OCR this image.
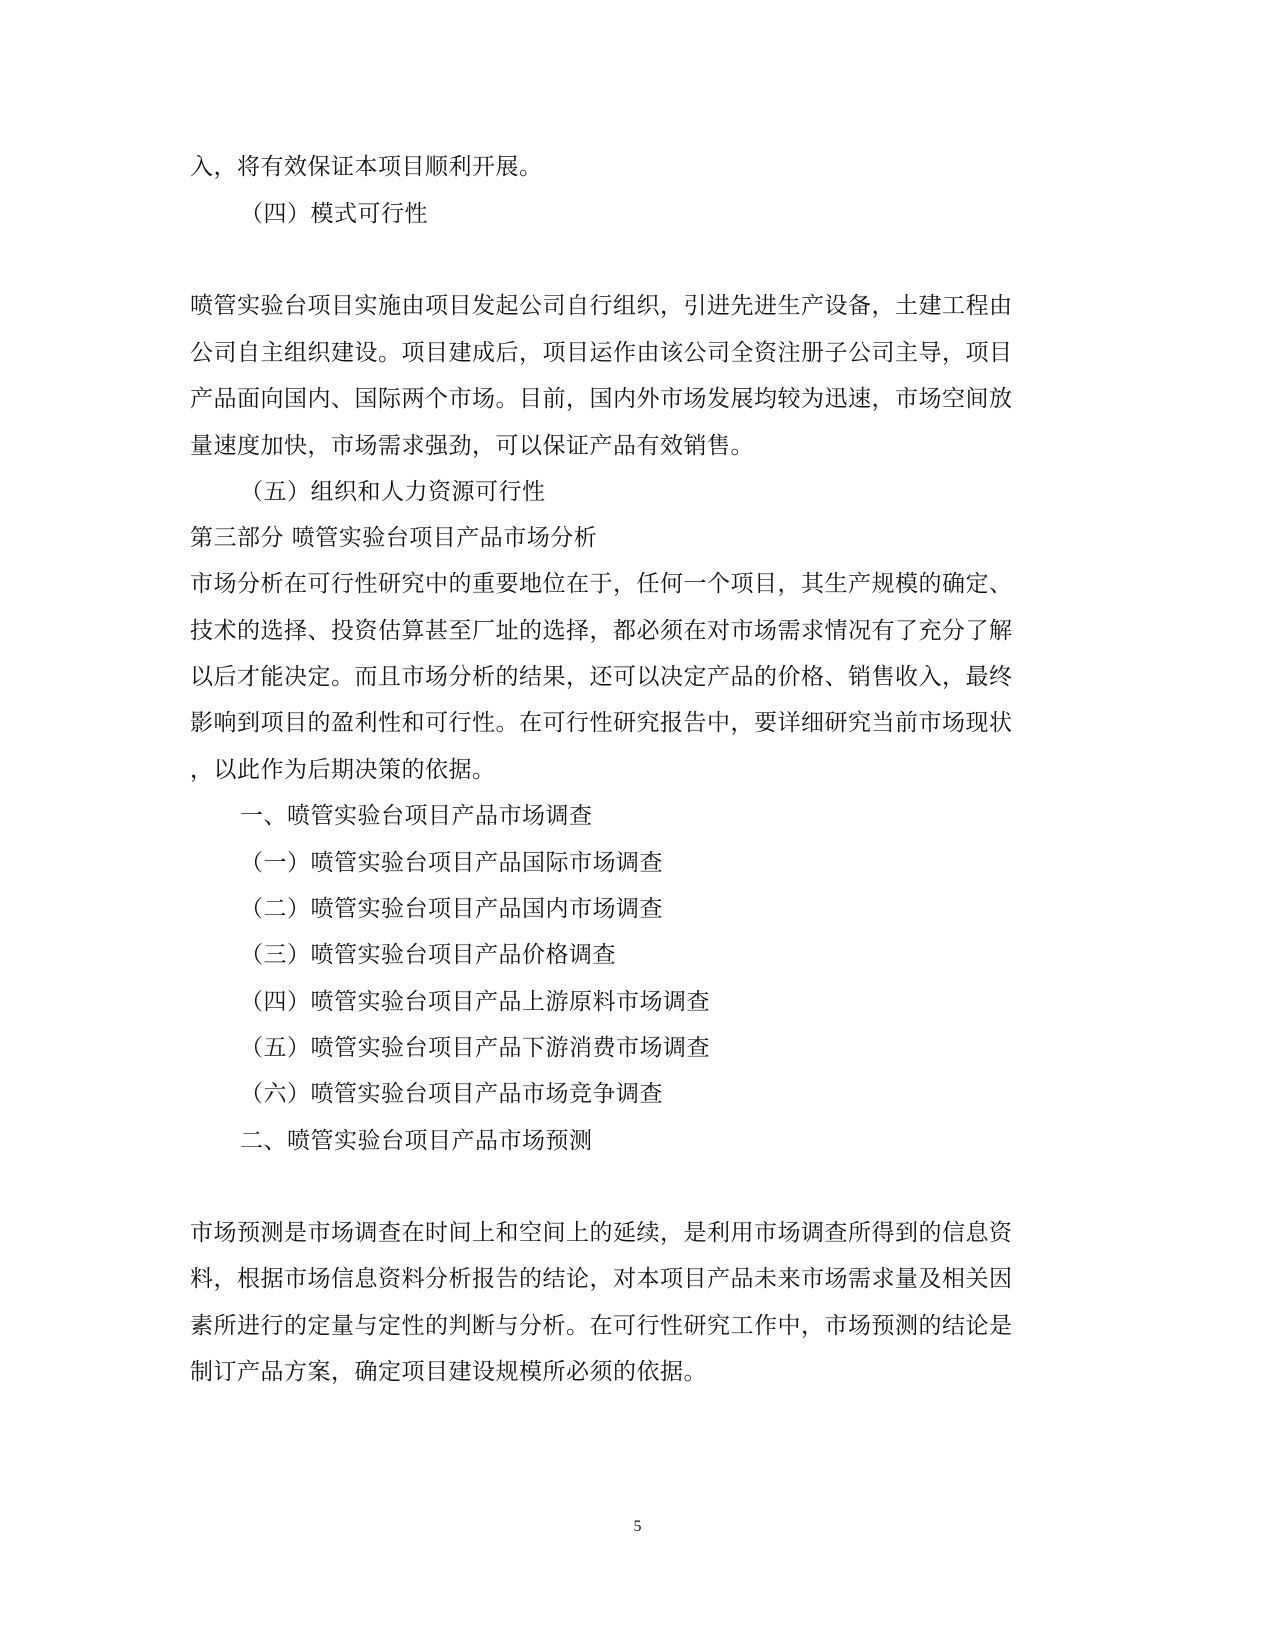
入，将有效保证本项目顺利开展。
（四）模式可行性
喷管实验台项目实施由项目发起公司自行组织，引进先进生产设备，土建工程由
公司自主组织建设。项目建成后，项目运作由该公司全资注册子公司主导，项目
产品面向国内、国际两个市场。目前，国内外市场发展均较为迅速，市场空间放
量速度加快，市场需求强劲，可以保证产品有效销售。
（五）组织和人力资源可行性
第三部分 喷管实验台项目产品市场分析
市场分析在可行性研究中的重要地位在于，任何一个项目，其生产规模的确定、
技术的选择、投资估算甚至厂址的选择，都必须在对市场需求情况有了充分了解
以后才能决定。而且市场分析的结果，还可以决定产品的价格、销售收入，最终
影响到项目的盈利性和可行性。在可行性研究报告中，要详细研究当前市场现状
，以此作为后期决策的依据。
一、喷管实验台项目产品市场调查
（一）喷管实验台项目产品国际市场调查
（二）喷管实验台项目产品国内市场调查
（三）喷管实验台项目产品价格调查
（四）喷管实验台项目产品上游原料市场调查
（五）喷管实验台项目产品下游消费市场调查
（六）喷管实验台项目产品市场竞争调查
二、喷管实验台项目产品市场预测
市场预测是市场调查在时间上和空间上的延续，是利用市场调查所得到的信息资
料，根据市场信息资料分析报告的结论，对本项目产品未来市场需求量及相关因
素所进行的定量与定性的判断与分析。在可行性研究工作中，市场预测的结论是
制订产品方案，确定项目建设规模所必须的依据。
5
